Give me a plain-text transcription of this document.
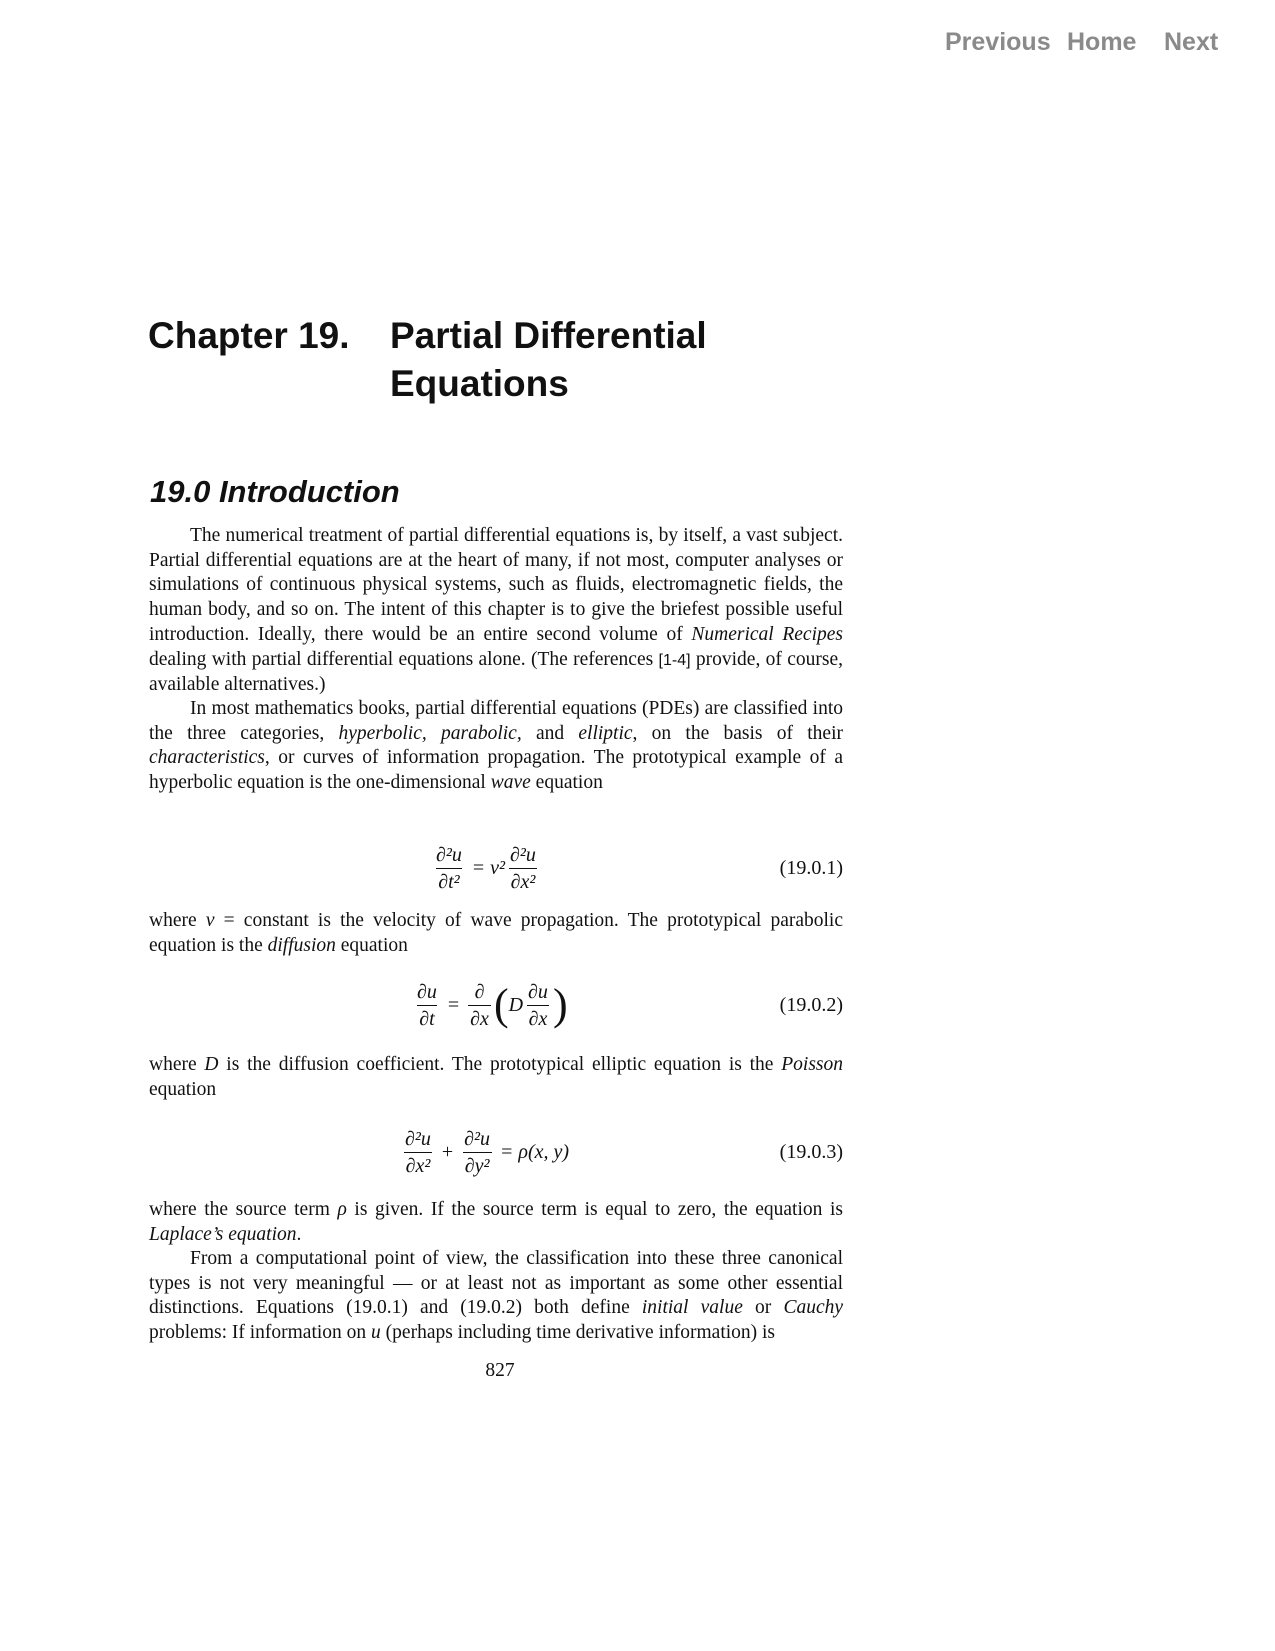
Previous Home Next
Chapter 19. Partial Differential Equations
19.0 Introduction
The numerical treatment of partial differential equations is, by itself, a vast subject. Partial differential equations are at the heart of many, if not most, computer analyses or simulations of continuous physical systems, such as fluids, electromagnetic fields, the human body, and so on. The intent of this chapter is to give the briefest possible useful introduction. Ideally, there would be an entire second volume of Numerical Recipes dealing with partial differential equations alone. (The references [1-4] provide, of course, available alternatives.)
In most mathematics books, partial differential equations (PDEs) are classified into the three categories, hyperbolic, parabolic, and elliptic, on the basis of their characteristics, or curves of information propagation. The prototypical example of a hyperbolic equation is the one-dimensional wave equation
$\frac{\text{∂²u}}{\text{∂t²}} = v^2 \frac{\text{∂²u}}{\text{∂x²}}$	(19.0.1)
where v = constant is the velocity of wave propagation. The prototypical parabolic equation is the diffusion equation
$\frac{\partial u}{\partial t} = \frac{\partial}{\partial x}$ ( D $\frac{\partial u}{\partial x}$ )	(19.0.2)
where D is the diffusion coefficient. The prototypical elliptic equation is the Poisson equation
$\frac{\text{∂²u}}{\text{∂x²}} + \frac{\text{∂²u}}{\text{∂y²}} = \rho(x$, y)	(19.0.3)
where the source term ρ is given. If the source term is equal to zero, the equation is Laplace’s equation.
From a computational point of view, the classification into these three canonical types is not very meaningful — or at least not as important as some other essential distinctions. Equations (19.0.1) and (19.0.2) both define initial value or Cauchy problems: If information on u (perhaps including time derivative information) is
827
